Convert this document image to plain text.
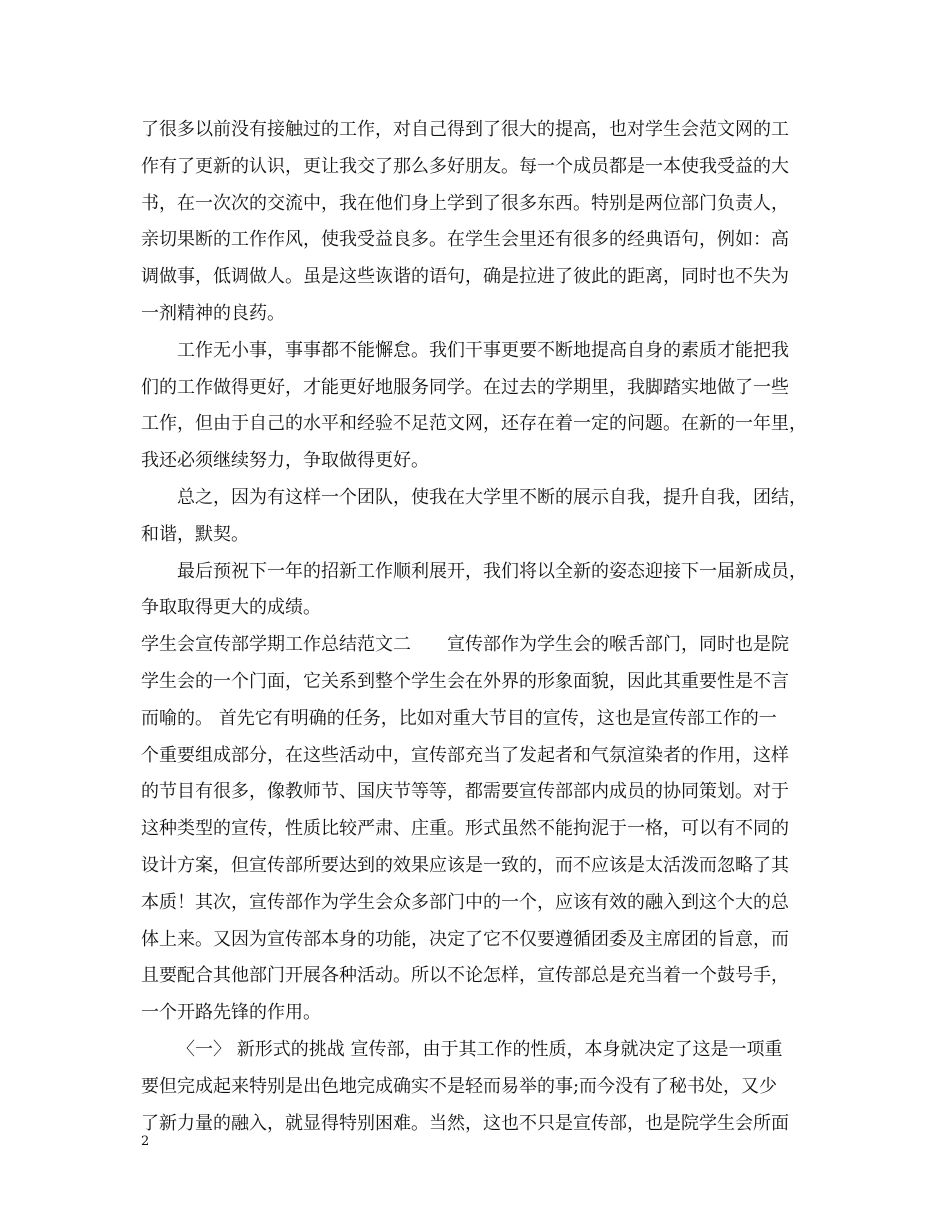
了很多以前没有接触过的工作，对自己得到了很大的提高，也对学生会范文网的工
作有了更新的认识，更让我交了那么多好朋友。每一个成员都是一本使我受益的大
书，在一次次的交流中，我在他们身上学到了很多东西。特别是两位部门负责人，
亲切果断的工作作风，使我受益良多。在学生会里还有很多的经典语句，例如：高
调做事，低调做人。虽是这些诙谐的语句，确是拉进了彼此的距离，同时也不失为
一剂精神的良药。
工作无小事，事事都不能懈怠。我们干事更要不断地提高自身的素质才能把我
们的工作做得更好，才能更好地服务同学。在过去的学期里，我脚踏实地做了一些
工作，但由于自己的水平和经验不足范文网，还存在着一定的问题。在新的一年里，
我还必须继续努力，争取做得更好。
总之，因为有这样一个团队，使我在大学里不断的展示自我，提升自我，团结，
和谐，默契。
最后预祝下一年的招新工作顺利展开，我们将以全新的姿态迎接下一届新成员，
争取取得更大的成绩。
学生会宣传部学期工作总结范文二　　宣传部作为学生会的喉舌部门，同时也是院
学生会的一个门面，它关系到整个学生会在外界的形象面貌，因此其重要性是不言
而喻的。 首先它有明确的任务，比如对重大节目的宣传，这也是宣传部工作的一
个重要组成部分，在这些活动中，宣传部充当了发起者和气氛渲染者的作用，这样
的节目有很多，像教师节、国庆节等等，都需要宣传部部内成员的协同策划。对于
这种类型的宣传，性质比较严肃、庄重。形式虽然不能拘泥于一格，可以有不同的
设计方案，但宣传部所要达到的效果应该是一致的，而不应该是太活泼而忽略了其
本质！其次，宣传部作为学生会众多部门中的一个，应该有效的融入到这个大的总
体上来。又因为宣传部本身的功能，决定了它不仅要遵循团委及主席团的旨意，而
且要配合其他部门开展各种活动。所以不论怎样，宣传部总是充当着一个鼓号手，
一个开路先锋的作用。
〈一〉 新形式的挑战 宣传部，由于其工作的性质，本身就决定了这是一项重
要但完成起来特别是出色地完成确实不是轻而易举的事;而今没有了秘书处，又少
了新力量的融入，就显得特别困难。当然，这也不只是宣传部，也是院学生会所面
2
